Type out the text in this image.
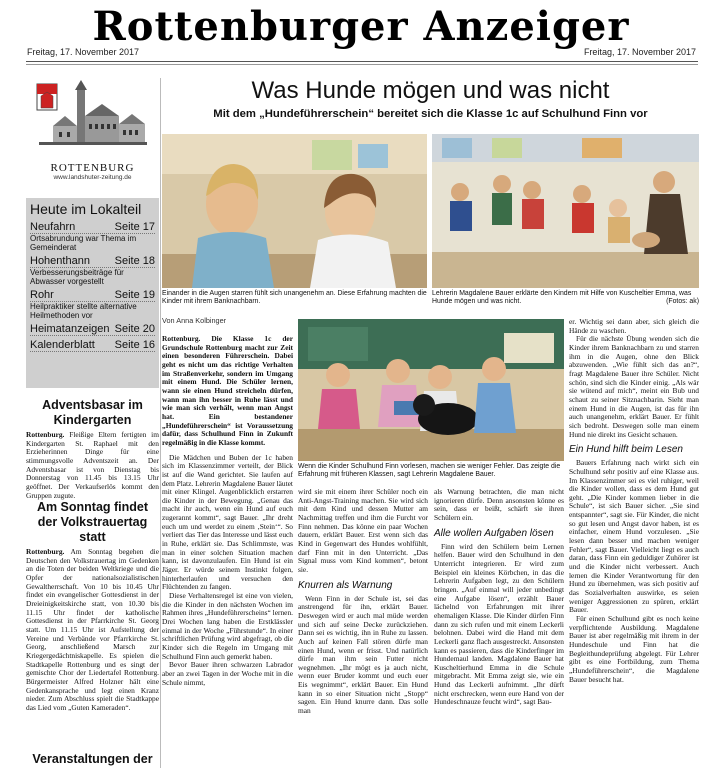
Rottenburger Anzeiger
Freitag, 17. November 2017	Freitag, 17. November 2017
ROTTENBURG
www.landshuter-zeitung.de
Heute im Lokalteil
Neufahrn	Seite 17
Ortsabrundung war Thema im Gemeinderat
Hohenthann Seite 18
Verbesserungsbeiträge für Abwasser vorgestellt
Rohr	Seite 19
Heilpraktiker stellte alternative Heilmethoden vor
Heimatanzeigen Seite 20
Kalenderblatt Seite 16
Adventsbasar im Kindergarten
Rottenburg. Fleißige Eltern fertigten im Kindergarten St. Raphael mit den Erzieherinnen Dinge für eine stimmungsvolle Adventszeit an. Der Adventsbasar ist von Dienstag bis Donnerstag von 11.45 bis 13.15 Uhr geöffnet. Der Verkaufserlös kommt den Gruppen zugute.
Am Sonntag findet der Volkstrauertag statt
Rottenburg. Am Sonntag begehen die Deutschen den Volkstrauertag im Gedenken an die Toten der beiden Weltkriege und die Opfer der nationalsozialistischen Gewaltherrschaft. Von 10 bis 10.45 Uhr findet ein evangelischer Gottesdienst in der Dreieinigkeitskirche statt, von 10.30 bis 11.15 Uhr findet der katholische Gottesdienst in der Pfarrkirche St. Georg statt. Um 11.15 Uhr ist Aufstellung der Vereine und Verbände vor Pfarrkirche St. Georg, anschließend Marsch zur Kriegergedächtniskapelle. Es spielen die Stadtkapelle Rottenburg und es singt der gemischte Chor der Liedertafel Rottenburg. Bürgermeister Alfred Holzner hält eine Gedenkansprache und legt einen Kranz nieder. Zum Abschluss spielt die Stadtkappe das Lied vom „Guten Kameraden“.
Veranstaltungen der
Was Hunde mögen und was nicht
Mit dem „Hundeführerschein“ bereitet sich die Klasse 1c auf Schulhund Finn vor
Einander in die Augen starren fühlt sich unangenehm an. Diese Erfahrung machten die Kinder mit ihrem Banknachbarn.
Lehrerin Magdalene Bauer erklärte den Kindern mit Hilfe von Kuscheltier Emma, was Hunde mögen und was nicht.	(Fotos: ak)
Wenn die Kinder Schulhund Finn vorlesen, machen sie weniger Fehler. Das zeigte die Erfahrung mit früheren Klassen, sagt Lehrerin Magdalene Bauer.
Von Anna Kolbinger

Rottenburg. Die Klasse 1c der Grundschule Rottenburg macht zur Zeit einen besonderen Führerschein. Dabei geht es nicht um das richtige Verhalten im Straßenverkehr, sondern im Umgang mit einem Hund. Die Schüler lernen, wann sie einen Hund streicheln dürfen, wann man ihn besser in Ruhe lässt und wie man sich verhält, wenn man Angst hat. Ein bestandener „Hundeführerschein“ ist Voraussetzung dafür, dass Schulhund Finn in Zukunft regelmäßig in die Klasse kommt.

Die Mädchen und Buben der 1c haben sich im Klassenzimmer verteilt, der Blick ist auf die Wand gerichtet. Sie laufen auf dem Platz. Lehrerin Magdalene Bauer läutet mit einer Klingel. Augenblicklich erstarren die Kinder in der Bewegung. „Genau das macht ihr auch, wenn ein Hund auf euch zugerannt kommt“, sagt Bauer. „Ihr dreht euch um und werdet zu einem ‚Stein‘“. So verliert das Tier das Interesse und lässt euch in Ruhe, erklärt sie. Das Schlimmste, was man in einer solchen Situation machen kann, ist davonzulaufen. Ein Hund ist ein Jäger. Er würde seinem Instinkt folgen, hinterherlaufen und versuchen den Flüchtenden zu fangen.

Diese Verhaltensregel ist eine von vielen, die die Kinder in den nächsten Wochen im Rahmen ihres „Hundeführerscheins“ lernen. Drei Wochen lang haben die Erstklässler einmal in der Woche „Führstunde“. In einer schriftlichen Prüfung wird abgefragt, ob die Kinder sich die Regeln im Umgang mit Schulhund Finn auch gemerkt haben.

Bevor Bauer ihren schwarzen Labrador aber an zwei Tagen in der Woche mit in die Schule nimmt,

wird sie mit einem ihrer Schüler noch ein Anti-Angst-Training machen. Sie wird sich mit dem Kind und dessen Mutter am Nachmittag treffen und ihm die Furcht vor Finn nehmen. Das könne ein paar Wochen dauern, erklärt Bauer. Erst wenn sich das Kind in Gegenwart des Hundes wohlfühlt, darf Finn mit in den Unterricht. „Das Signal muss vom Kind kommen“, betont sie.

Knurren als Warnung

Wenn Finn in der Schule ist, sei das anstrengend für ihn, erklärt Bauer. Deswegen wird er auch mal müde werden und sich auf seine Decke zurückziehen. Dann sei es wichtig, ihn in Ruhe zu lassen. Auch auf keinen Fall stören dürfe man einen Hund, wenn er frisst. Und natürlich dürfe man ihm sein Futter nicht wegnehmen. „Ihr mögt es ja auch nicht, wenn euer Bruder kommt und euch euer Eis wegnimmt“, erklärt Bauer. Ein Hund kann in so einer Situation nicht „Stopp“ sagen. Ein Hund knurre dann. Das solle man

als Warnung betrachten, die man nicht ignorieren dürfe. Denn ansonsten könne es sein, dass er beißt, schärft sie ihren Schülern ein.

Alle wollen Aufgaben lösen

Finn wird den Schülern beim Lernen helfen. Bauer wird den Schulhund in den Unterricht integrieren. Er wird zum Beispiel ein kleines Körbchen, in das die Lehrerin Aufgaben legt, zu den Schülern bringen. „Auf einmal will jeder unbedingt eine Aufgabe lösen“, erzählt Bauer lächelnd von Erfahrungen mit ihrer ehemaligen Klasse. Die Kinder dürfen Finn dann zu sich rufen und mit einem Leckerli belohnen. Dabei wird die Hand mit dem Leckerli ganz flach ausgestreckt. Ansonsten kann es passieren, dass die Kinderfinger im Hundemaul landen. Magdalene Bauer hat Kuscheltierhund Emma in die Schule mitgebracht. Mit Emma zeigt sie, wie ein Hund das Leckerli aufnimmt. „Ihr dürft nicht erschrecken, wenn eure Hand von der Hundeschnauze feucht wird“, sagt Bau-

er. Wichtig sei dann aber, sich gleich die Hände zu waschen.

Für die nächste Übung wenden sich die Kinder ihrem Banknachbarn zu und starren ihm in die Augen, ohne den Blick abzuwenden. „Wie fühlt sich das an?“, fragt Magdalene Bauer ihre Schüler. Nicht schön, sind sich die Kinder einig. „Als wär sie wütend auf mich“, meint ein Bub und schaut zu seiner Sitznachbarin. Sieht man einem Hund in die Augen, ist das für ihn auch unangenehm, erklärt Bauer. Er fühlt sich bedroht. Deswegen solle man einem Hund nie direkt ins Gesicht schauen.

Ein Hund hilft beim Lesen

Bauers Erfahrung nach wirkt sich ein Schulhund sehr positiv auf eine Klasse aus. Im Klassenzimmer sei es viel ruhiger, weil die Kinder wollen, dass es dem Hund gut geht. „Die Kinder kommen lieber in die Schule“, ist sich Bauer sicher. „Sie sind entspannter“, sagt sie. Für Kinder, die nicht so gut lesen und Angst davor haben, ist es einfacher, einem Hund vorzulesen. „Sie lesen dann besser und machen weniger Fehler“, sagt Bauer. Vielleicht liegt es auch daran, dass Finn ein geduldiger Zuhörer ist und die Kinder nicht verbessert. Auch lernen die Kinder Verantwortung für den Hund zu übernehmen, was sich positiv auf das Sozialverhalten auswirke, es seien weniger Aggressionen zu spüren, erklärt Bauer.

Für einen Schulhund gibt es noch keine verpflichtende Ausbildung. Magdalene Bauer ist aber regelmäßig mit ihrem in der Hundeschule und Finn hat die Begleithundeprüfung abgelegt. Für Lehrer gibt es eine Fortbildung, zum Thema „Hundeführerschein“, die Magdalene Bauer besucht hat.
